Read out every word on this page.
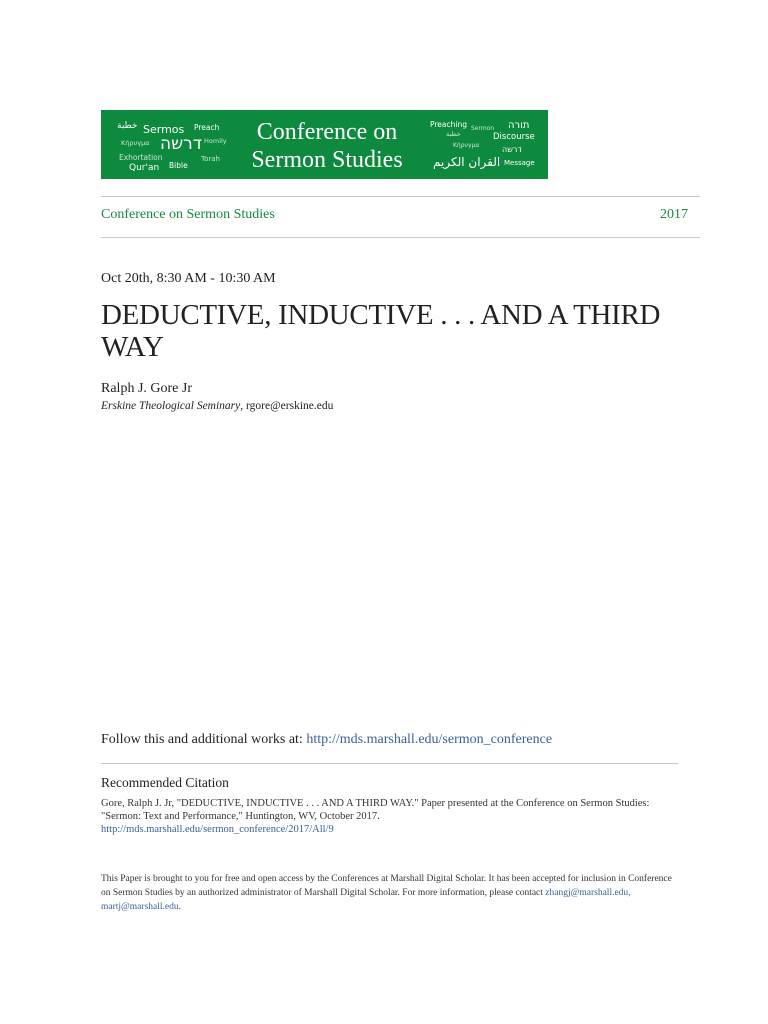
خطبة Sermos Preach
Kήρυγμα דרשה Homily
Exhortation	Torah
Qur'an Bible
Conference on
Sermon Studies
Preaching Sermon תורה
خطبة	Discourse
Kήρυγμα	דרשה
القران الكريم Message
Conference on Sermon Studies	2017
Oct 20th, 8:30 AM - 10:30 AM
DEDUCTIVE, INDUCTIVE . . . AND A THIRD WAY
Ralph J. Gore Jr
Erskine Theological Seminary, rgore@erskine.edu
Follow this and additional works at: http://mds.marshall.edu/sermon_conference
Recommended Citation
Gore, Ralph J. Jr, "DEDUCTIVE, INDUCTIVE . . . AND A THIRD WAY." Paper presented at the Conference on Sermon Studies: "Sermon: Text and Performance," Huntington, WV, October 2017.
http://mds.marshall.edu/sermon_conference/2017/All/9
This Paper is brought to you for free and open access by the Conferences at Marshall Digital Scholar. It has been accepted for inclusion in Conference on Sermon Studies by an authorized administrator of Marshall Digital Scholar. For more information, please contact zhangj@marshall.edu,
martj@marshall.edu.
